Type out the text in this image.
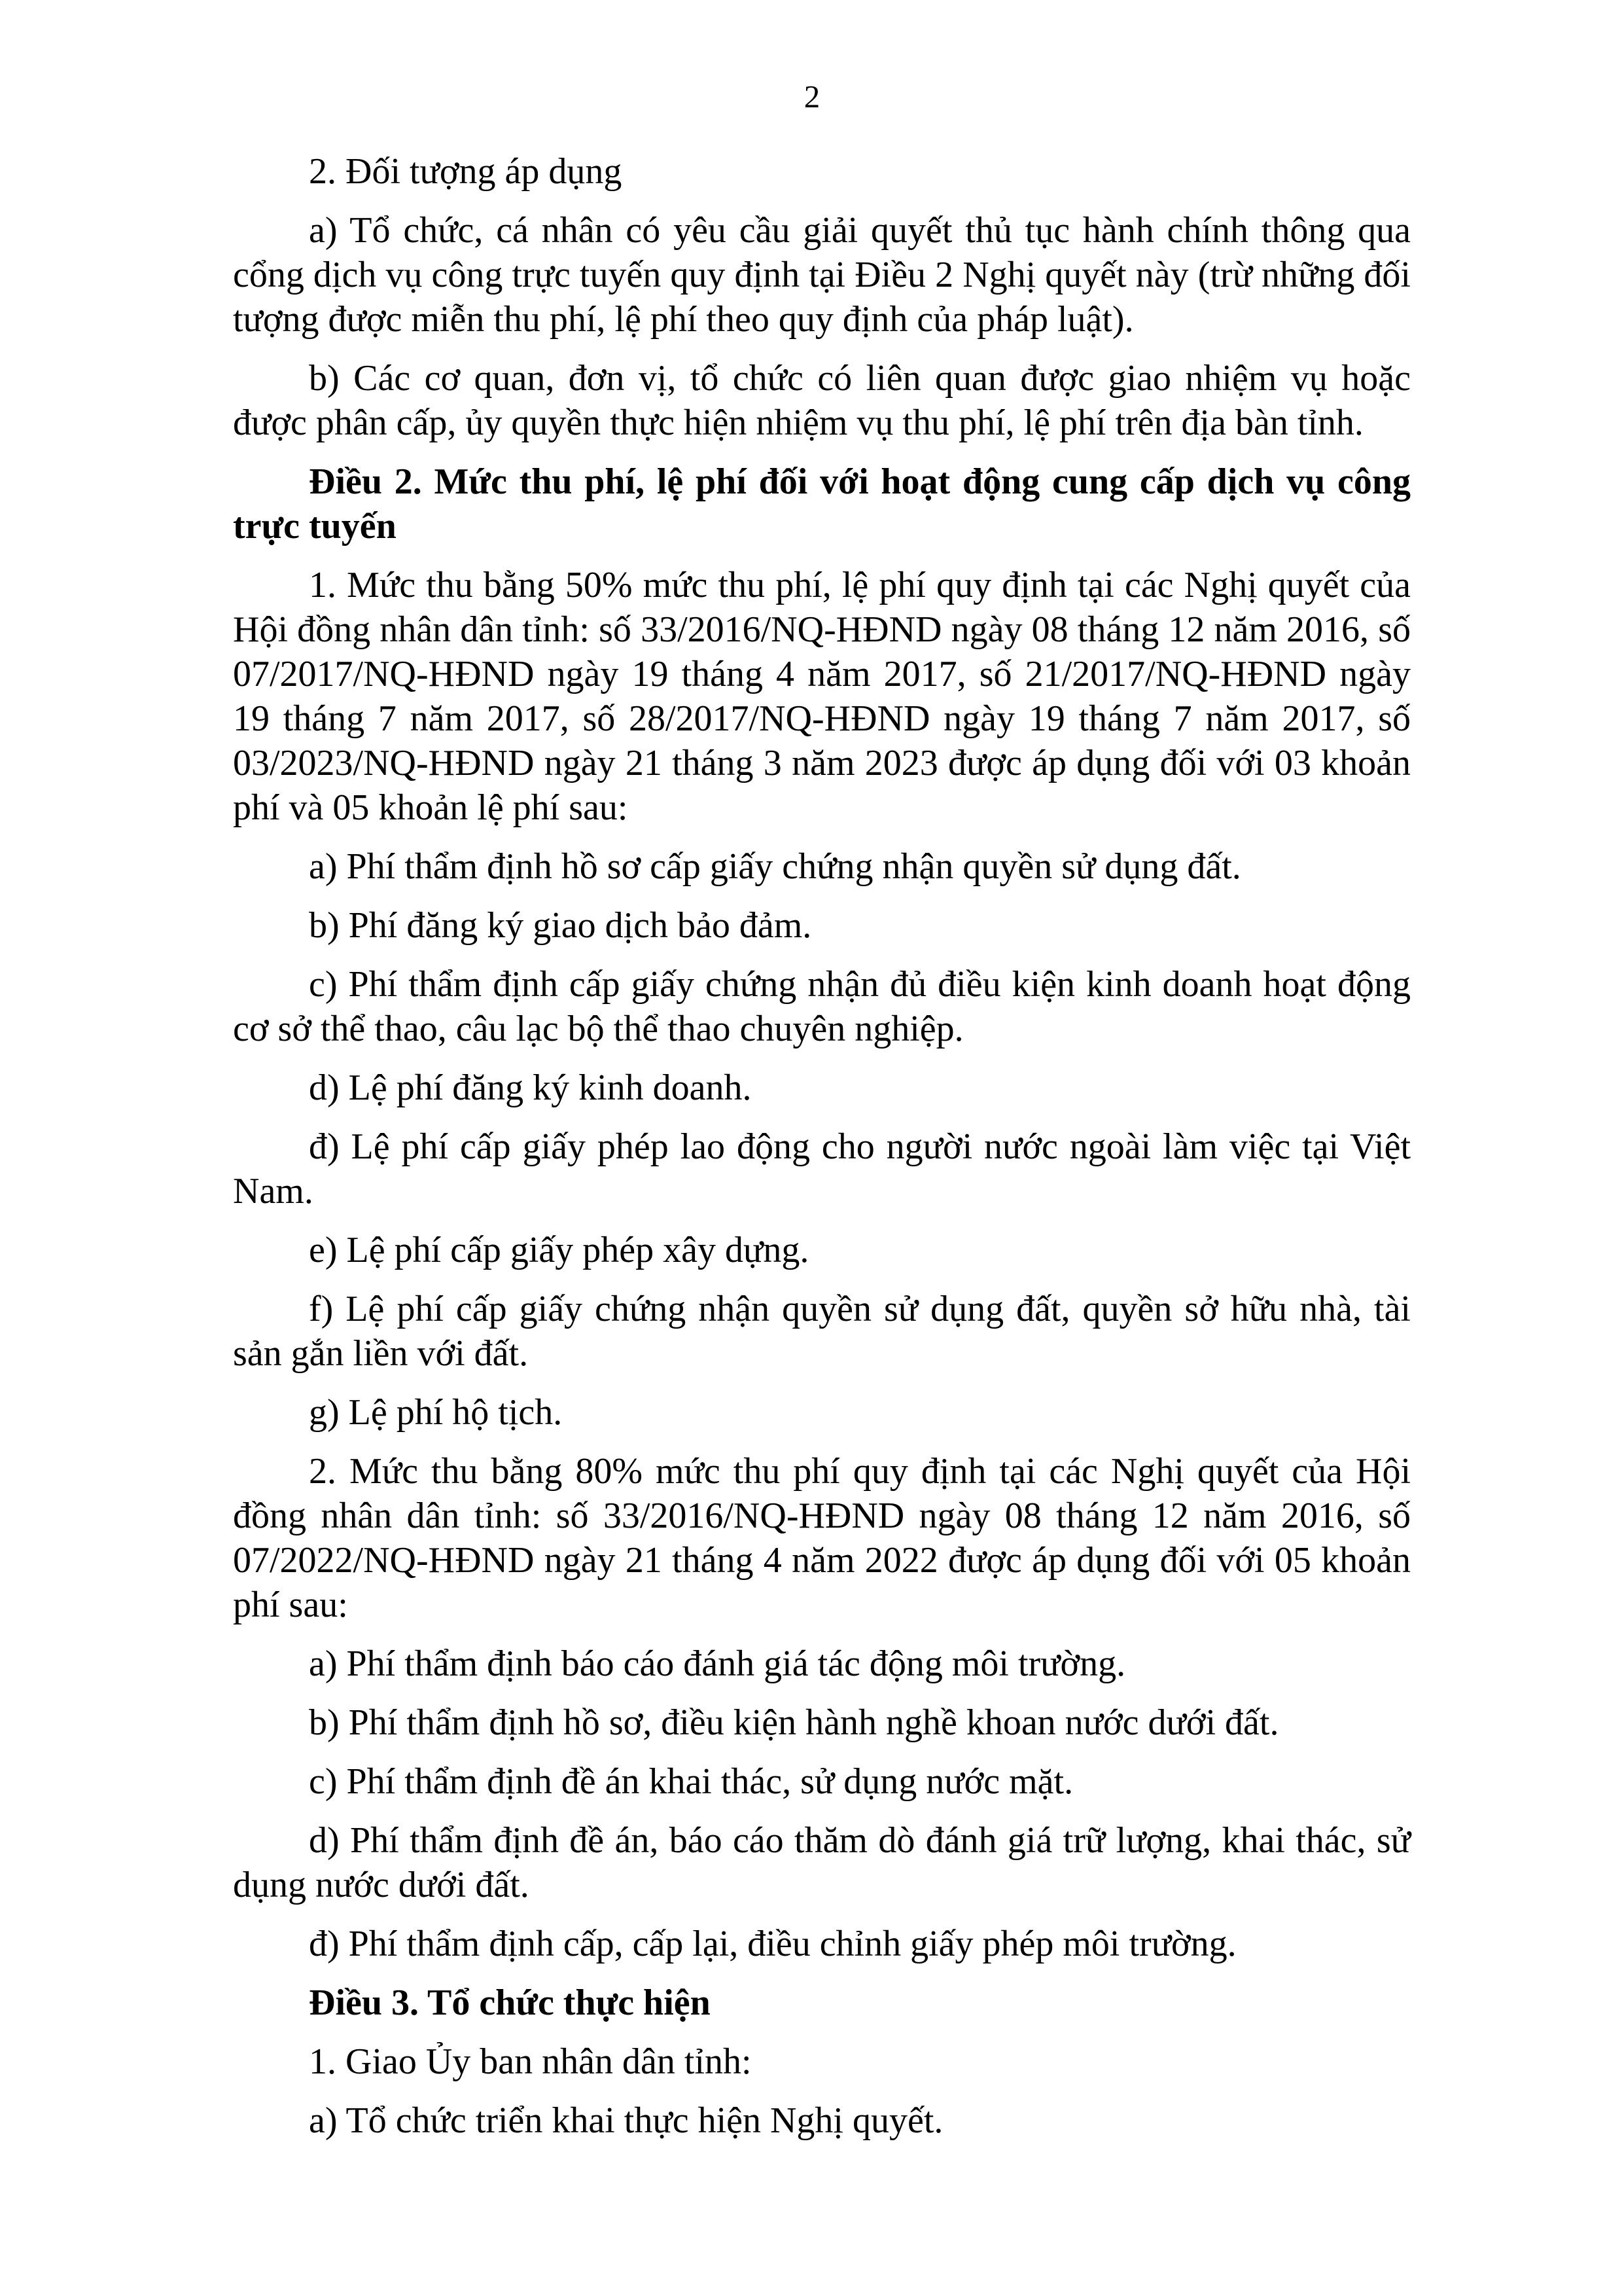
2

2. Đối tượng áp dụng

a) Tổ chức, cá nhân có yêu cầu giải quyết thủ tục hành chính thông qua cổng dịch vụ công trực tuyến quy định tại Điều 2 Nghị quyết này (trừ những đối tượng được miễn thu phí, lệ phí theo quy định của pháp luật).

b) Các cơ quan, đơn vị, tổ chức có liên quan được giao nhiệm vụ hoặc được phân cấp, ủy quyền thực hiện nhiệm vụ thu phí, lệ phí trên địa bàn tỉnh.

Điều 2. Mức thu phí, lệ phí đối với hoạt động cung cấp dịch vụ công trực tuyến

1. Mức thu bằng 50% mức thu phí, lệ phí quy định tại các Nghị quyết của Hội đồng nhân dân tỉnh: số 33/2016/NQ-HĐND ngày 08 tháng 12 năm 2016, số 07/2017/NQ-HĐND ngày 19 tháng 4 năm 2017, số 21/2017/NQ-HĐND ngày 19 tháng 7 năm 2017, số 28/2017/NQ-HĐND ngày 19 tháng 7 năm 2017, số 03/2023/NQ-HĐND ngày 21 tháng 3 năm 2023 được áp dụng đối với 03 khoản phí và 05 khoản lệ phí sau:

a) Phí thẩm định hồ sơ cấp giấy chứng nhận quyền sử dụng đất.

b) Phí đăng ký giao dịch bảo đảm.

c) Phí thẩm định cấp giấy chứng nhận đủ điều kiện kinh doanh hoạt động cơ sở thể thao, câu lạc bộ thể thao chuyên nghiệp.

d) Lệ phí đăng ký kinh doanh.

đ) Lệ phí cấp giấy phép lao động cho người nước ngoài làm việc tại Việt Nam.

e) Lệ phí cấp giấy phép xây dựng.

f) Lệ phí cấp giấy chứng nhận quyền sử dụng đất, quyền sở hữu nhà, tài sản gắn liền với đất.

g) Lệ phí hộ tịch.

2. Mức thu bằng 80% mức thu phí quy định tại các Nghị quyết của Hội đồng nhân dân tỉnh: số 33/2016/NQ-HĐND ngày 08 tháng 12 năm 2016, số 07/2022/NQ-HĐND ngày 21 tháng 4 năm 2022 được áp dụng đối với 05 khoản phí sau:

a) Phí thẩm định báo cáo đánh giá tác động môi trường.

b) Phí thẩm định hồ sơ, điều kiện hành nghề khoan nước dưới đất.

c) Phí thẩm định đề án khai thác, sử dụng nước mặt.

d) Phí thẩm định đề án, báo cáo thăm dò đánh giá trữ lượng, khai thác, sử dụng nước dưới đất.

đ) Phí thẩm định cấp, cấp lại, điều chỉnh giấy phép môi trường.

Điều 3. Tổ chức thực hiện

1. Giao Ủy ban nhân dân tỉnh:

a) Tổ chức triển khai thực hiện Nghị quyết.
